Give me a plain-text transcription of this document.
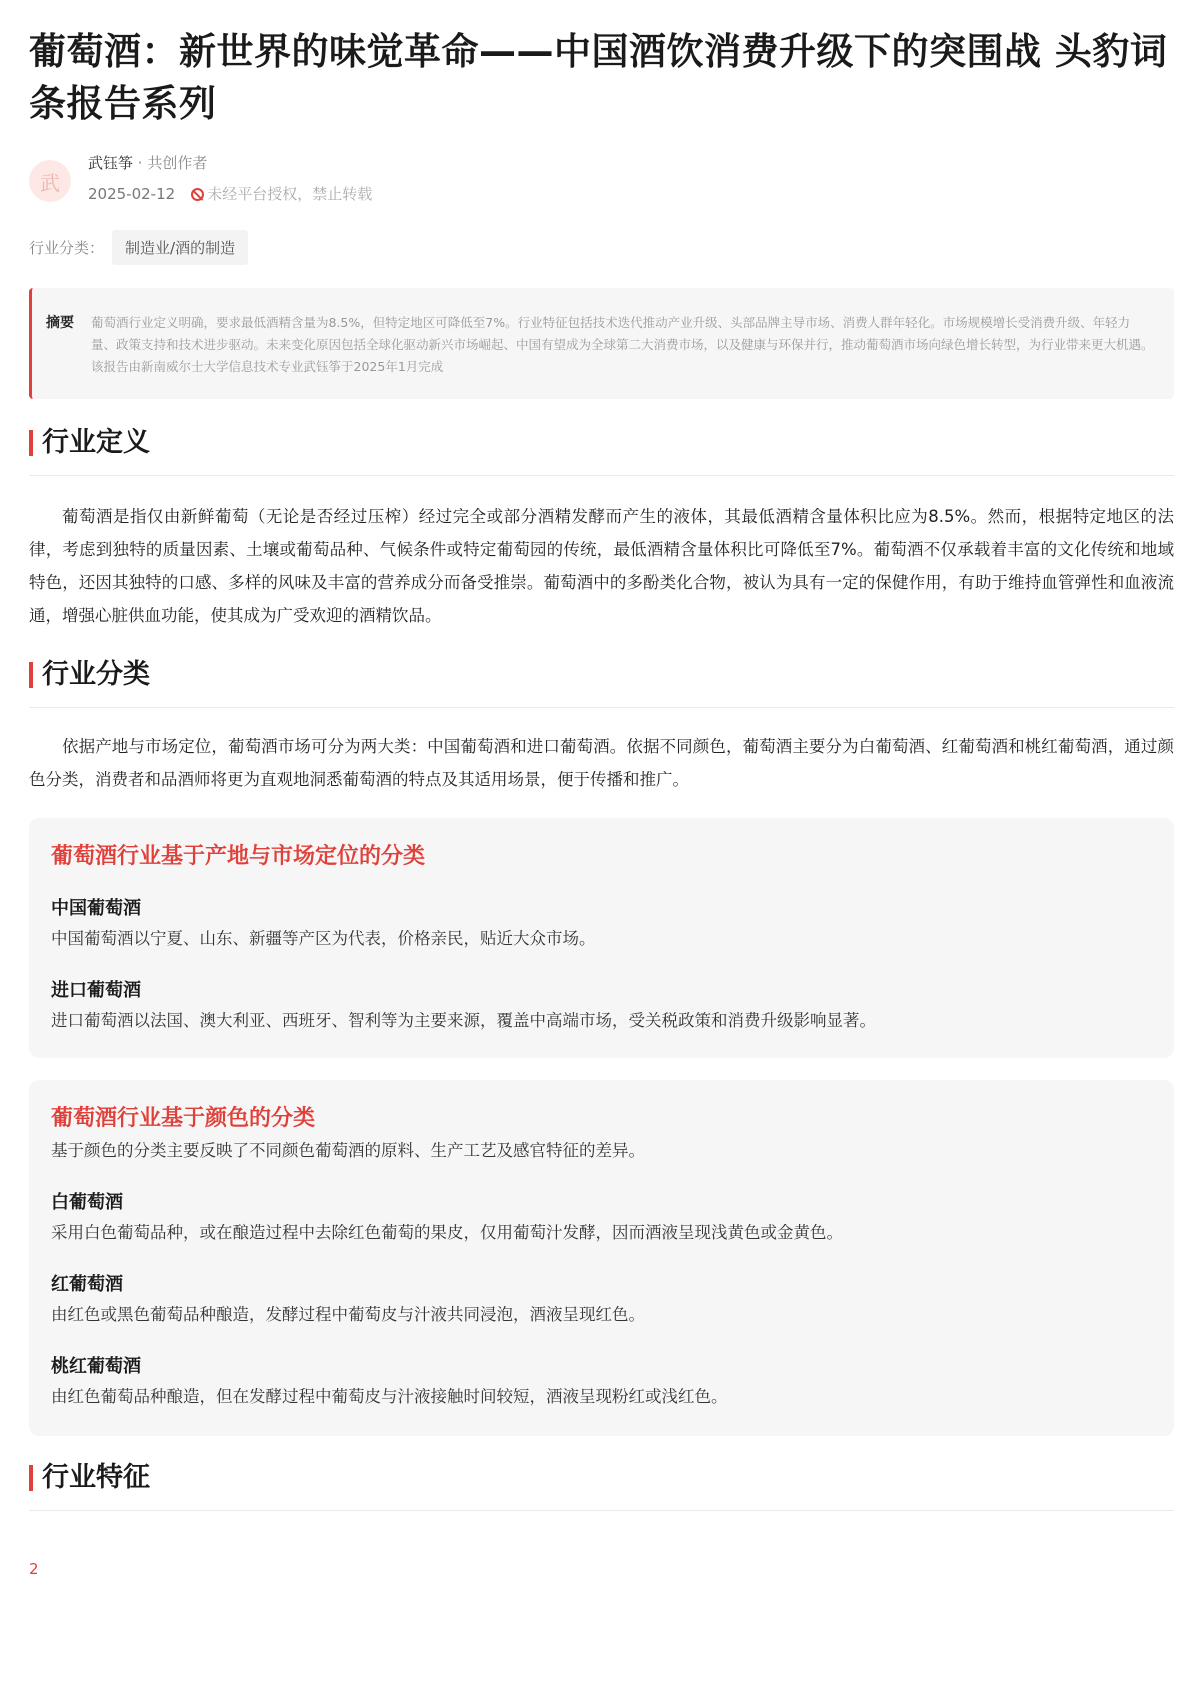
葡萄酒：新世界的味觉革命——中国酒饮消费升级下的突围战 头豹词条报告系列
武
武钰筝 · 共创作者
2025-02-12 未经平台授权，禁止转载
行业分类：	制造业/酒的制造
摘要	葡萄酒行业定义明确，要求最低酒精含量为8.5%，但特定地区可降低至7%。行业特征包括技术迭代推动产业升级、头部品牌主导市场、消费人群年轻化。市场规模增长受消费升级、年轻力量、政策支持和技术进步驱动。未来变化原因包括全球化驱动新兴市场崛起、中国有望成为全球第二大消费市场，以及健康与环保并行，推动葡萄酒市场向绿色增长转型，为行业带来更大机遇。该报告由新南威尔士大学信息技术专业武钰筝于2025年1月完成
行业定义

葡萄酒是指仅由新鲜葡萄（无论是否经过压榨）经过完全或部分酒精发酵而产生的液体，其最低酒精含量体积比应为8.5%。然而，根据特定地区的法律，考虑到独特的质量因素、土壤或葡萄品种、气候条件或特定葡萄园的传统，最低酒精含量体积比可降低至7%。葡萄酒不仅承载着丰富的文化传统和地域特色，还因其独特的口感、多样的风味及丰富的营养成分而备受推崇。葡萄酒中的多酚类化合物，被认为具有一定的保健作用，有助于维持血管弹性和血液流通，增强心脏供血功能，使其成为广受欢迎的酒精饮品。

行业分类

依据产地与市场定位，葡萄酒市场可分为两大类：中国葡萄酒和进口葡萄酒。依据不同颜色，葡萄酒主要分为白葡萄酒、红葡萄酒和桃红葡萄酒，通过颜色分类，消费者和品酒师将更为直观地洞悉葡萄酒的特点及其适用场景，便于传播和推广。

葡萄酒行业基于产地与市场定位的分类
中国葡萄酒
中国葡萄酒以宁夏、山东、新疆等产区为代表，价格亲民，贴近大众市场。
进口葡萄酒
进口葡萄酒以法国、澳大利亚、西班牙、智利等为主要来源，覆盖中高端市场，受关税政策和消费升级影响显著。
葡萄酒行业基于颜色的分类
基于颜色的分类主要反映了不同颜色葡萄酒的原料、生产工艺及感官特征的差异。
白葡萄酒
采用白色葡萄品种，或在酿造过程中去除红色葡萄的果皮，仅用葡萄汁发酵，因而酒液呈现浅黄色或金黄色。
红葡萄酒
由红色或黑色葡萄品种酿造，发酵过程中葡萄皮与汁液共同浸泡，酒液呈现红色。
桃红葡萄酒
由红色葡萄品种酿造，但在发酵过程中葡萄皮与汁液接触时间较短，酒液呈现粉红或浅红色。
行业特征
2
